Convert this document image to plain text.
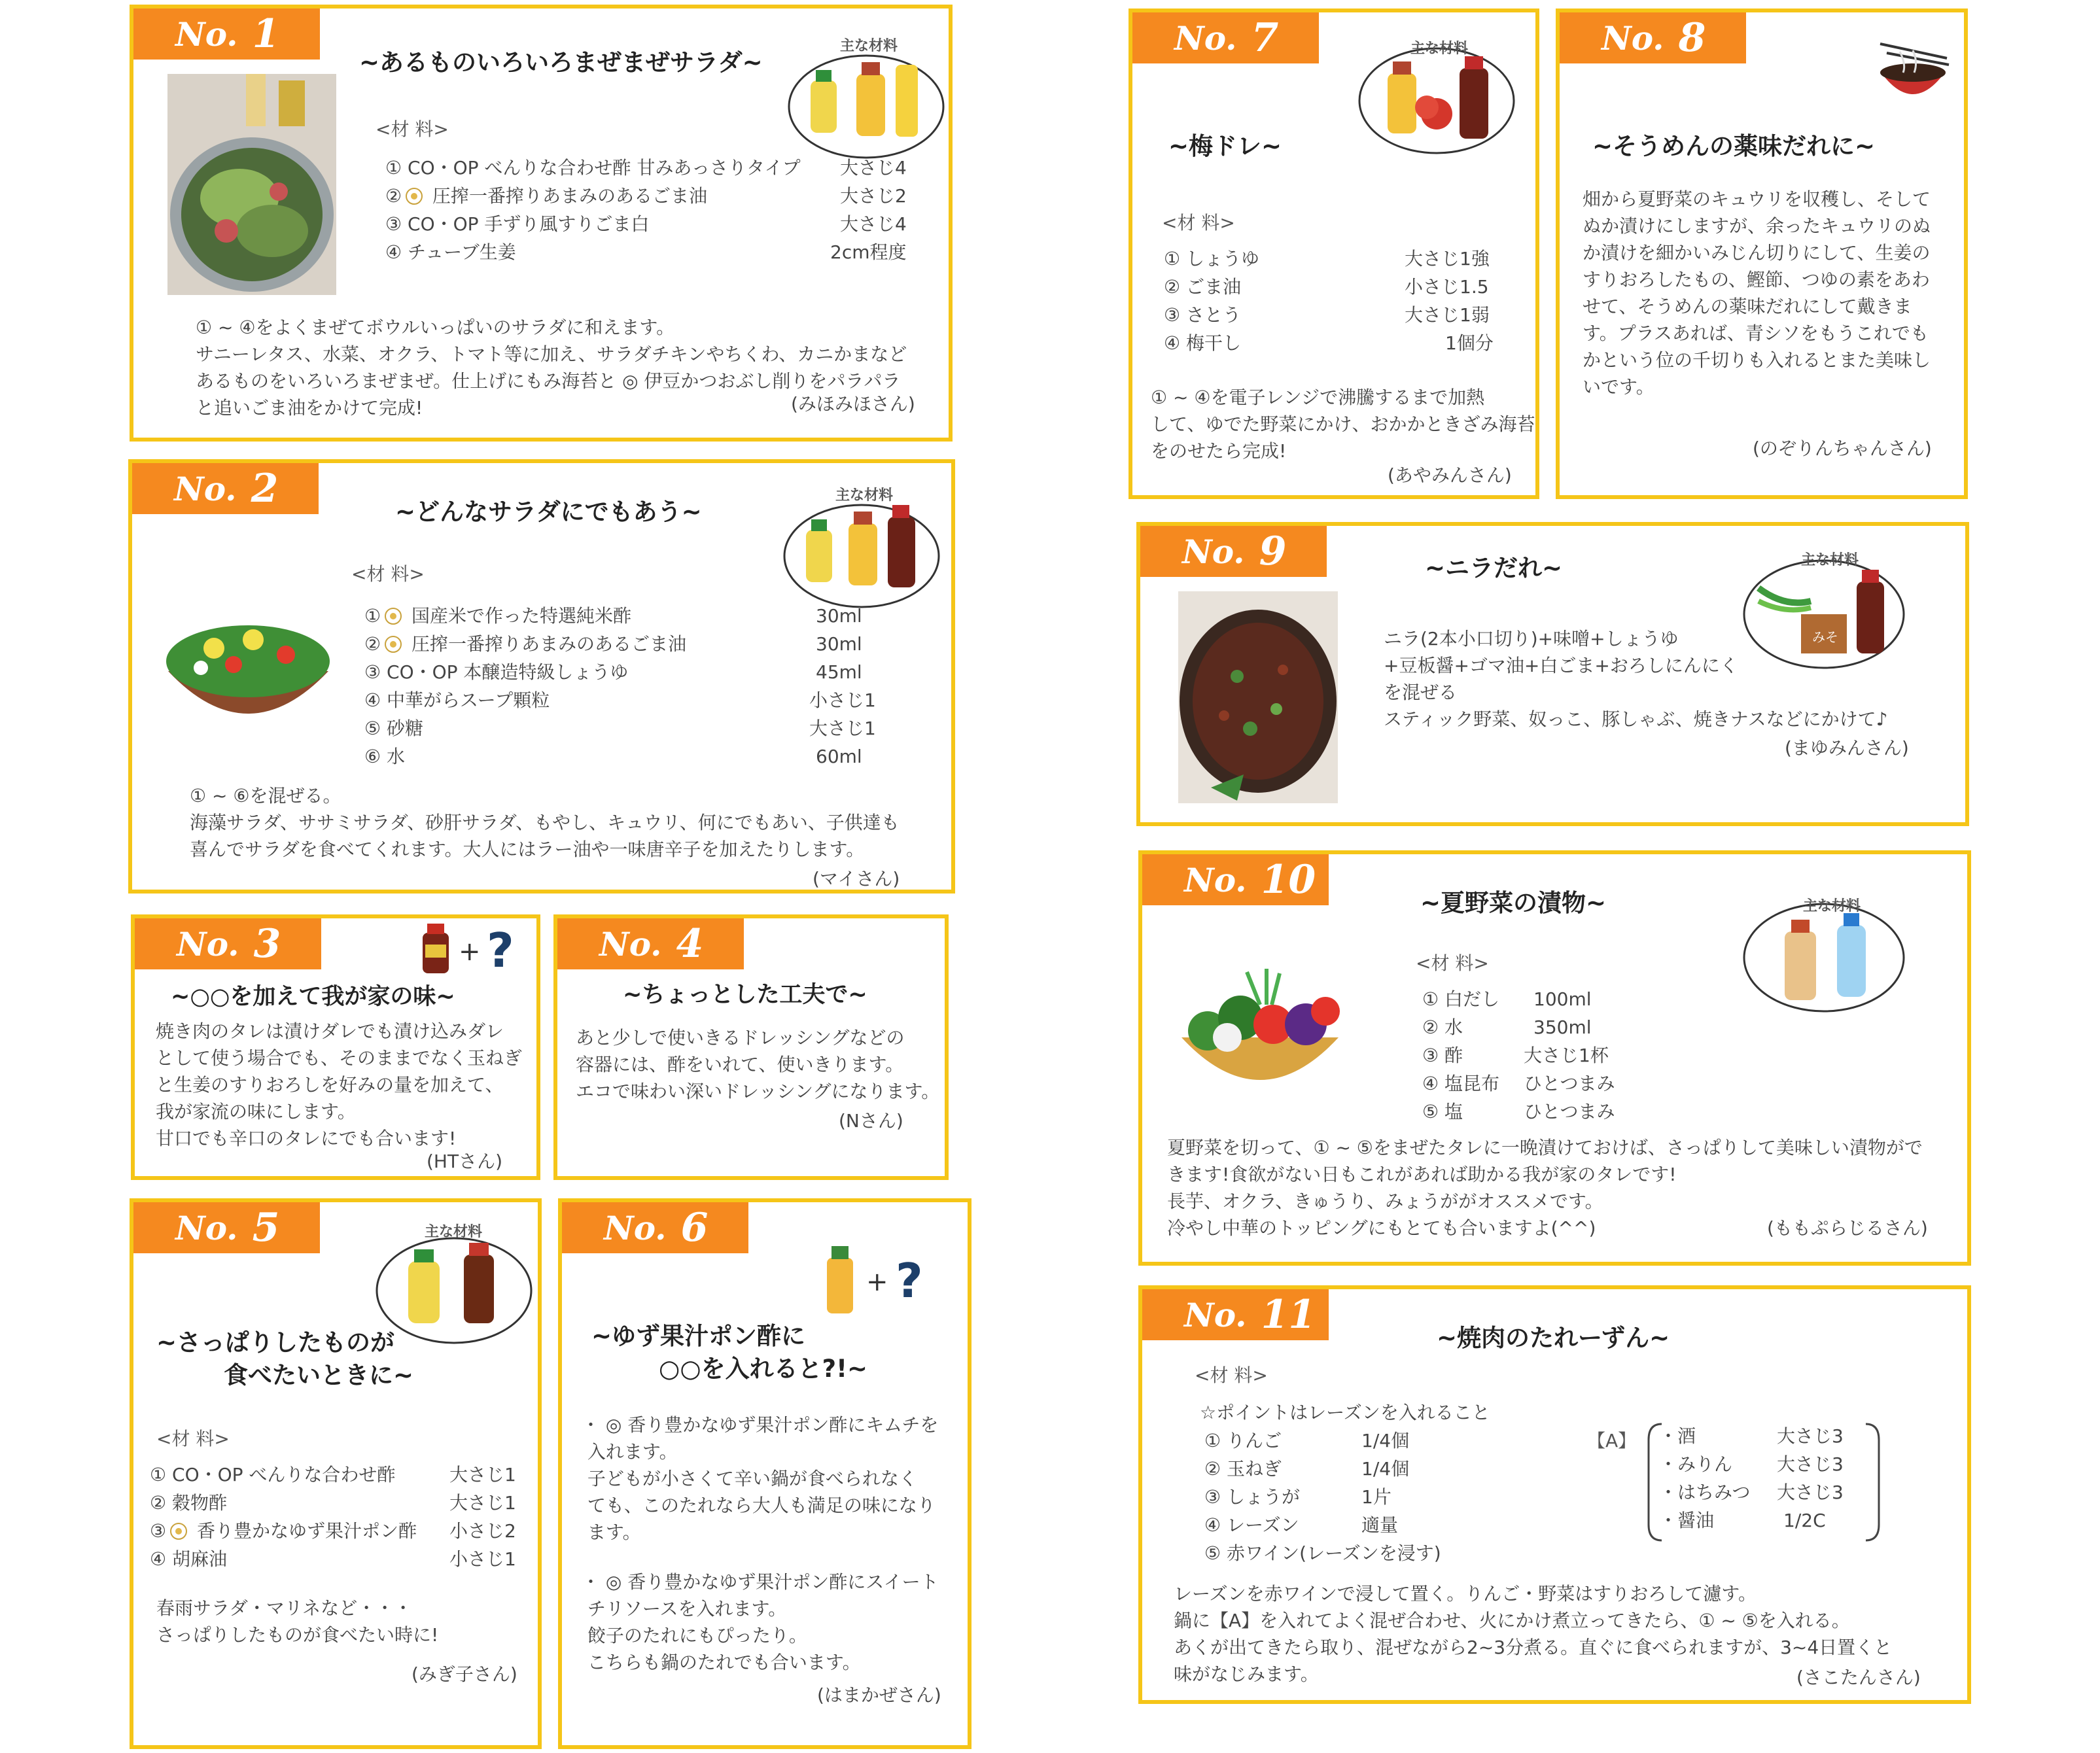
No. 1
~あるものいろいろまぜまぜサラダ~
主な材料
<材 料>
① CO・OP べんりな合わせ酢 甘みあっさりタイプ 大さじ4
② 圧搾一番搾りあまみのあるごま油	大さじ2
③ CO・OP 手ずり風すりごま白	大さじ4
④ チューブ生姜	2cm程度
① ~ ④をよくまぜてボウルいっぱいのサラダに和えます。
サニーレタス、水菜、オクラ、トマト等に加え、サラダチキンやちくわ、カニかまなど
あるものをいろいろまぜまぜ。仕上げにもみ海苔と ◎ 伊豆かつおぶし削りをパラパラ
と追いごま油をかけて完成!	(みほみほさん)
No. 2
~どんなサラダにでもあう~
主な材料
<材 料>
① 国産米で作った特選純米酢	30ml
② 圧搾一番搾りあまみのあるごま油	30ml
③ CO・OP 本醸造特級しょうゆ	45ml
④ 中華がらスープ顆粒	小さじ1
⑤ 砂糖	大さじ1
⑥ 水	60ml
① ~ ⑥を混ぜる。
海藻サラダ、ササミサラダ、砂肝サラダ、もやし、キュウリ、何にでもあい、子供達も
喜んでサラダを食べてくれます。大人にはラー油や一味唐辛子を加えたりします。
(マイさん)
No. 3	+ ?
~○○を加えて我が家の味~
焼き肉のタレは漬けダレでも漬け込みダレ
として使う場合でも、そのままでなく玉ねぎ
と生姜のすりおろしを好みの量を加えて、
我が家流の味にします。
甘口でも辛口のタレにでも合います!
(HTさん)
No. 4
~ちょっとした工夫で~
あと少しで使いきるドレッシングなどの
容器には、酢をいれて、使いきります。
エコで味わい深いドレッシングになります。
(Nさん)
No. 5	主な材料
~さっぱりしたものが
食べたいときに~
<材 料>
① CO・OP べんりな合わせ酢	大さじ1
② 穀物酢	大さじ1
③ 香り豊かなゆず果汁ポン酢 小さじ2
④ 胡麻油	小さじ1
春雨サラダ・マリネなど・・・
さっぱりしたものが食べたい時に!
(みぎ子さん)
No. 6
+ ?
~ゆず果汁ポン酢に
○○を入れると?!~
・ ◎ 香り豊かなゆず果汁ポン酢にキムチを
入れます。
子どもが小さくて辛い鍋が食べられなく
ても、このたれなら大人も満足の味になり
ます。
・ ◎ 香り豊かなゆず果汁ポン酢にスイート
チリソースを入れます。
餃子のたれにもぴったり。
こちらも鍋のたれでも合います。
(はまかぜさん)
No. 7	主な材料
~梅ドレ~
<材 料>
① しょうゆ	大さじ1強
② ごま油	小さじ1.5
③ さとう	大さじ1弱
④ 梅干し	1個分
① ~ ④を電子レンジで沸騰するまで加熱
して、ゆでた野菜にかけ、おかかときざみ海苔
をのせたら完成!
(あやみんさん)
No. 8
~そうめんの薬味だれに~
畑から夏野菜のキュウリを収穫し、そして
ぬか漬けにしますが、余ったキュウリのぬ
か漬けを細かいみじん切りにして、生姜の
すりおろしたもの、鰹節、つゆの素をあわ
せて、そうめんの薬味だれにして戴きま
す。プラスあれば、青シソをもうこれでも
かという位の千切りも入れるとまた美味し
いです。
(のぞりんちゃんさん)
No. 9	~ニラだれ~
みそ
主な材料
ニラ(2本小口切り)+味噌+しょうゆ
+豆板醤+ゴマ油+白ごま+おろしにんにく
を混ぜる
スティック野菜、奴っこ、豚しゃぶ、焼きナスなどにかけて♪
(まゆみんさん)
No. 10
~夏野菜の漬物~	主な材料
<材 料>
① 白だし 100ml
② 水	350ml
③ 酢	大さじ1杯
④ 塩昆布 ひとつまみ
⑤ 塩	ひとつまみ
夏野菜を切って、① ~ ⑤をまぜたタレに一晩漬けておけば、さっぱりして美味しい漬物がで
きます!食欲がない日もこれがあれば助かる我が家のタレです!
長芋、オクラ、きゅうり、みょうががオススメです。
冷やし中華のトッピングにもとても合いますよ(^^)	(ももぷらじるさん)
No. 11
~焼肉のたれーずん~
<材 料>
☆ポイントはレーズンを入れること
① りんご	1/4個
② 玉ねぎ	1/4個
③ しょうが	1片
④ レーズン	適量
⑤ 赤ワイン(レーズンを浸す)
【A】 ・酒	大さじ3
・みりん 大さじ3
・はちみつ 大さじ3
・醤油	1/2C
レーズンを赤ワインで浸して置く。りんご・野菜はすりおろして濾す。
鍋に【A】を入れてよく混ぜ合わせ、火にかけ煮立ってきたら、① ~ ⑤を入れる。
あくが出てきたら取り、混ぜながら2~3分煮る。直ぐに食べられますが、3~4日置くと
味がなじみます。	(さこたんさん)
